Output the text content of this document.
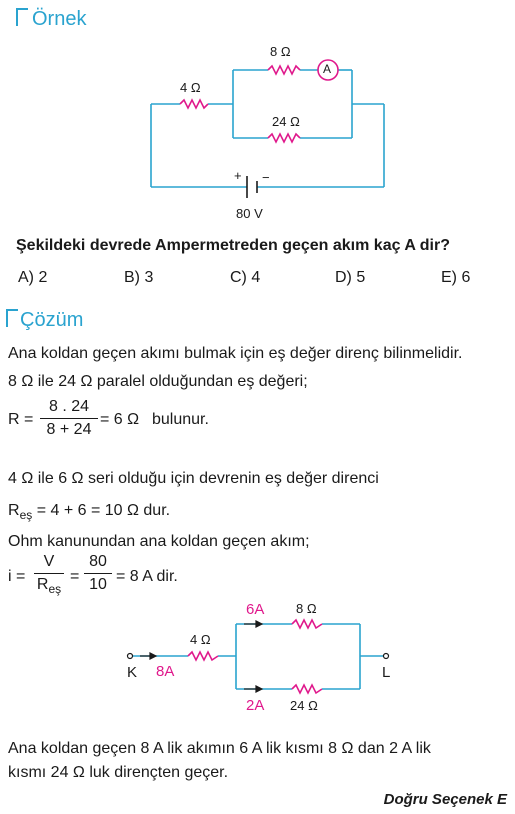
Örnek
4 Ω
8 Ω
A
24 Ω
+ −
80 V
Şekildeki devrede Ampermetreden geçen akım kaç A dir?
A) 2	B) 3	C) 4	D) 5	E) 6
Çözüm
Ana koldan geçen akımı bulmak için eş değer direnç bilinmelidir.
8 Ω ile 24 Ω paralel olduğundan eş değeri;
R =
8 . 24
8 + 24
= 6 Ω bulunur.
4 Ω ile 6 Ω seri olduğu için devrenin eş değer direnci
$R_{eş} = 4 + 6 = 10$ Ω dur.
Ohm kanunundan ana koldan geçen akım;
i =
V
$R_{eş}$
=
80
10 = 8 A dir.
6A 8 Ω
4 Ω
K 8A	L
2A 24 Ω
Ana koldan geçen 8 A lik akımın 6 A lik kısmı 8 Ω dan 2 A lik
kısmı 24 Ω luk dirençten geçer.
Doğru Seçenek E
